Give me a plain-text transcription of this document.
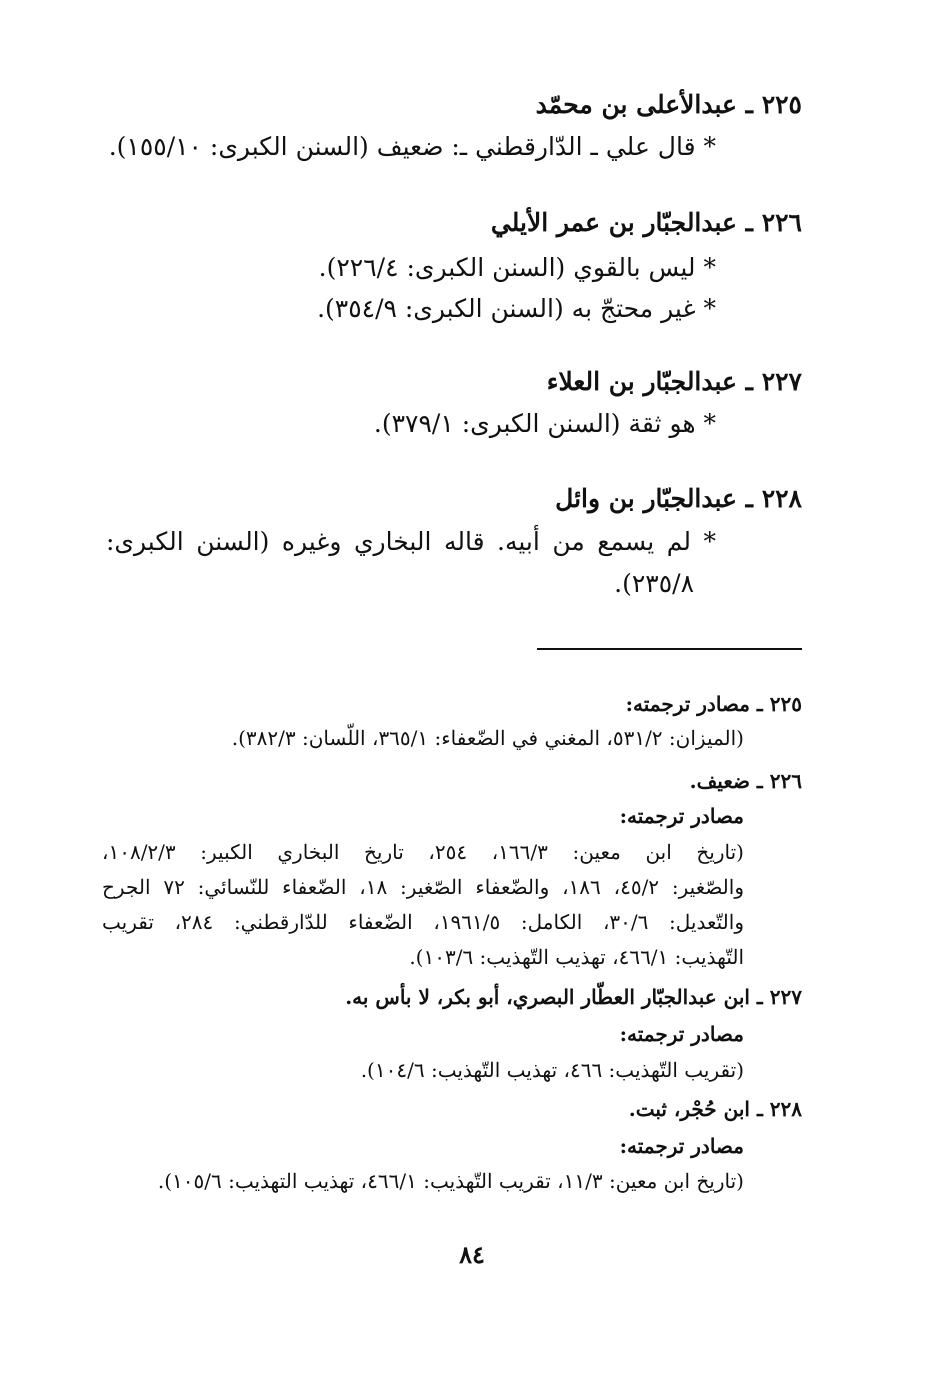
٢٢٥ ـ عبدالأعلى بن محمّد
* قال علي ـ الدّارقطني ـ: ضعيف (السنن الكبرى: ١٥٥/١٠).
٢٢٦ ـ عبدالجبّار بن عمر الأيلي
* ليس بالقوي (السنن الكبرى: ٢٢٦/٤).
* غير محتجّ به (السنن الكبرى: ٣٥٤/٩).
٢٢٧ ـ عبدالجبّار بن العلاء
* هو ثقة (السنن الكبرى: ٣٧٩/١).
٢٢٨ ـ عبدالجبّار بن وائل
* لم يسمع من أبيه. قاله البخاري وغيره (السنن الكبرى:
٢٣٥/٨).
٢٢٥ ـ مصادر ترجمته:
(الميزان: ٥٣١/٢، المغني في الضّعفاء: ٣٦٥/١، اللّسان: ٣٨٢/٣).
٢٢٦ ـ ضعيف.
مصادر ترجمته:
(تاريخ ابن معين: ١٦٦/٣، ٢٥٤، تاريخ البخاري الكبير: ١٠٨/٢/٣،
والصّغير: ٤٥/٢، ١٨٦، والضّعفاء الصّغير: ١٨، الضّعفاء للنّسائي: ٧٢ الجرح
والتّعديل: ٣٠/٦، الكامل: ١٩٦١/٥، الضّعفاء للدّارقطني: ٢٨٤، تقريب
التّهذيب: ٤٦٦/١، تهذيب التّهذيب: ١٠٣/٦).
٢٢٧ ـ ابن عبدالجبّار العطّار البصري، أبو بكر، لا بأس به.
مصادر ترجمته:
(تقريب التّهذيب: ٤٦٦، تهذيب التّهذيب: ١٠٤/٦).
٢٢٨ ـ ابن حُجْر، ثبت.
مصادر ترجمته:
(تاريخ ابن معين: ١١/٣، تقريب التّهذيب: ٤٦٦/١، تهذيب التهذيب: ١٠٥/٦).
٨٤
